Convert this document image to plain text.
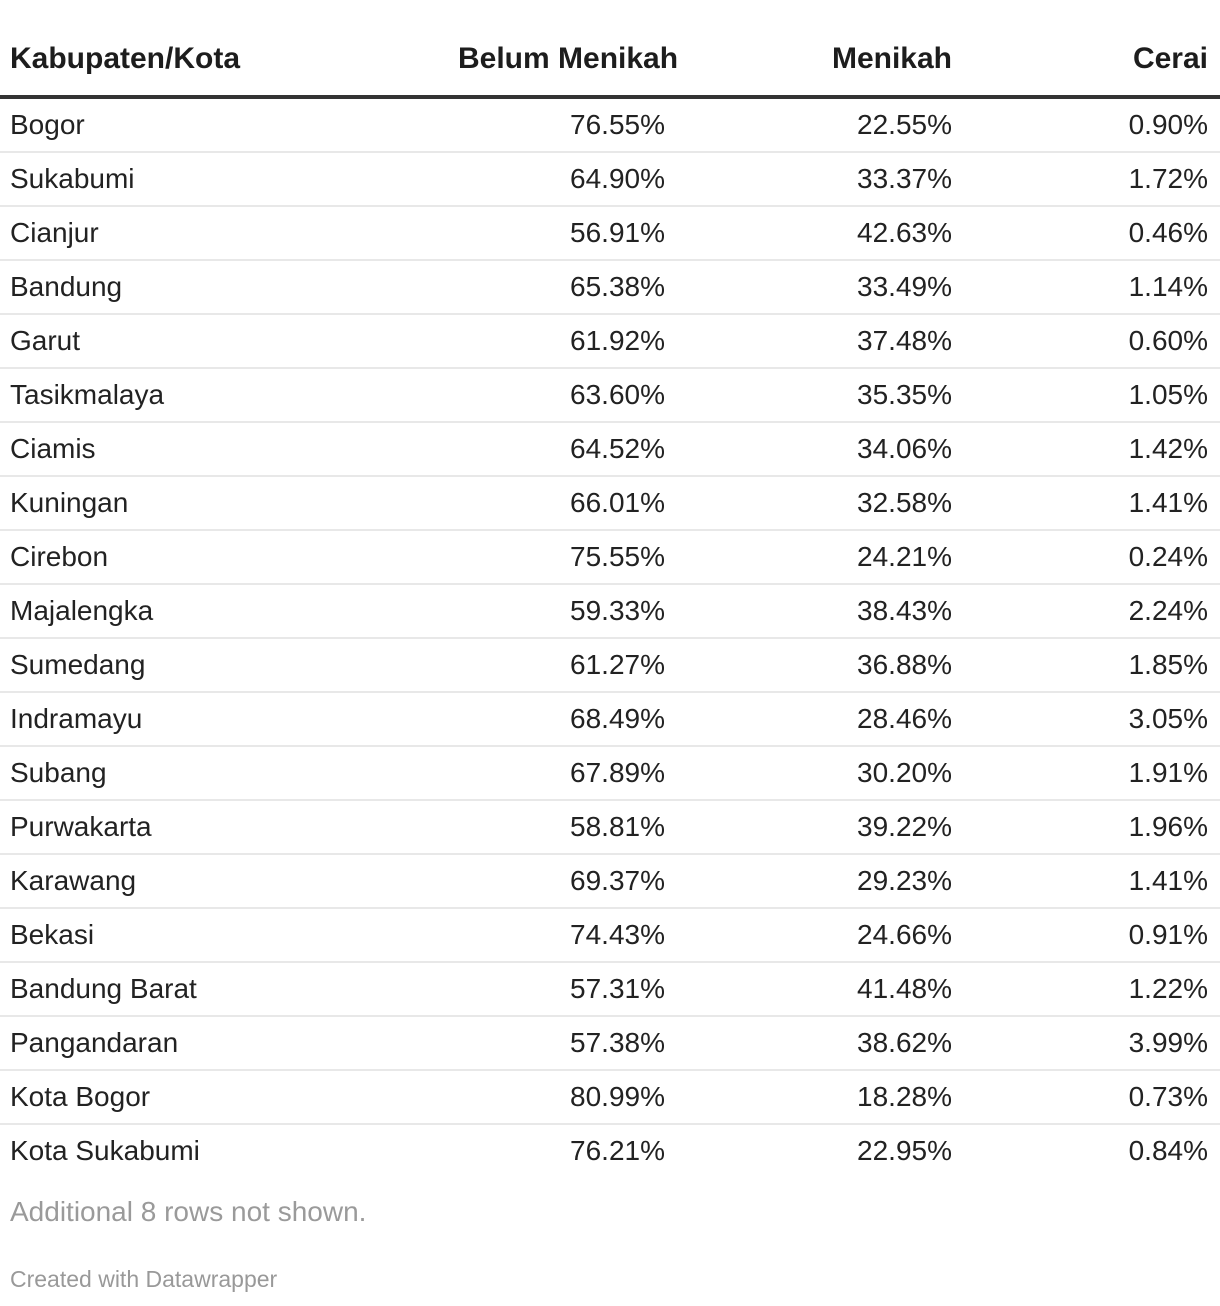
Kabupaten/Kota	Belum Menikah	Menikah	Cerai
Bogor	76.55%	22.55%	0.90%
Sukabumi	64.90%	33.37%	1.72%
Cianjur	56.91%	42.63%	0.46%
Bandung	65.38%	33.49%	1.14%
Garut	61.92%	37.48%	0.60%
Tasikmalaya	63.60%	35.35%	1.05%
Ciamis	64.52%	34.06%	1.42%
Kuningan	66.01%	32.58%	1.41%
Cirebon	75.55%	24.21%	0.24%
Majalengka	59.33%	38.43%	2.24%
Sumedang	61.27%	36.88%	1.85%
Indramayu	68.49%	28.46%	3.05%
Subang	67.89%	30.20%	1.91%
Purwakarta	58.81%	39.22%	1.96%
Karawang	69.37%	29.23%	1.41%
Bekasi	74.43%	24.66%	0.91%
Bandung Barat	57.31%	41.48%	1.22%
Pangandaran	57.38%	38.62%	3.99%
Kota Bogor	80.99%	18.28%	0.73%
Kota Sukabumi	76.21%	22.95%	0.84%

Additional 8 rows not shown.

Created with Datawrapper
